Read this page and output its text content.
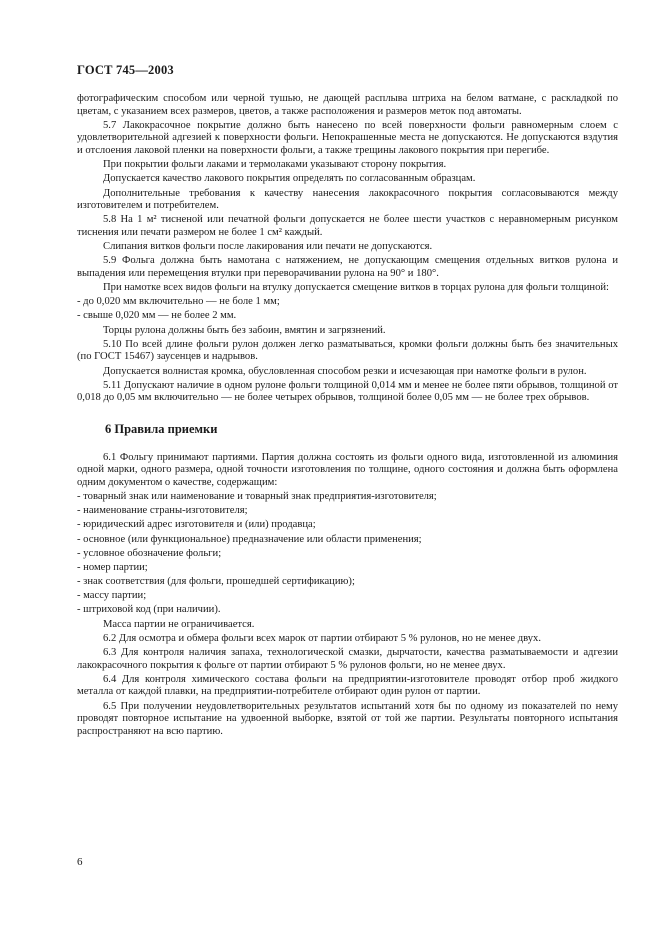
ГОСТ 745—2003

фотографическим способом или черной тушью, не дающей расплыва штриха на белом ватмане, с раскладкой по цветам, с указанием всех размеров, цветов, а также расположения и размеров меток под автоматы.

5.7 Лакокрасочное покрытие должно быть нанесено по всей поверхности фольги равномерным слоем с удовлетворительной адгезией к поверхности фольги. Непокрашенные места не допускаются. Не допускаются вздутия и отслоения лаковой пленки на поверхности фольги, а также трещины лакового покрытия при перегибе.

При покрытии фольги лаками и термолаками указывают сторону покрытия.

Допускается качество лакового покрытия определять по согласованным образцам.

Дополнительные требования к качеству нанесения лакокрасочного покрытия согласовываются между изготовителем и потребителем.

5.8 На 1 м² тисненой или печатной фольги допускается не более шести участков с неравномерным рисунком тиснения или печати размером не более 1 см² каждый.

Слипания витков фольги после лакирования или печати не допускаются.

5.9 Фольга должна быть намотана с натяжением, не допускающим смещения отдельных витков рулона и выпадения или перемещения втулки при переворачивании рулона на 90° и 180°.

При намотке всех видов фольги на втулку допускается смещение витков в торцах рулона для фольги толщиной:

- до 0,020 мм включительно — не боле 1 мм;

- свыше 0,020 мм — не более 2 мм.

Торцы рулона должны быть без забоин, вмятин и загрязнений.

5.10 По всей длине фольги рулон должен легко разматываться, кромки фольги должны быть без значительных (по ГОСТ 15467) заусенцев и надрывов.

Допускается волнистая кромка, обусловленная способом резки и исчезающая при намотке фольги в рулон.

5.11 Допускают наличие в одном рулоне фольги толщиной 0,014 мм и менее не более пяти обрывов, толщиной от 0,018 до 0,05 мм включительно — не более четырех обрывов, толщиной более 0,05 мм — не более трех обрывов.

6 Правила приемки

6.1 Фольгу принимают партиями. Партия должна состоять из фольги одного вида, изготовленной из алюминия одной марки, одного размера, одной точности изготовления по толщине, одного состояния и должна быть оформлена одним документом о качестве, содержащим:

- товарный знак или наименование и товарный знак предприятия-изготовителя;

- наименование страны-изготовителя;

- юридический адрес изготовителя и (или) продавца;

- основное (или функциональное) предназначение или области применения;

- условное обозначение фольги;

- номер партии;

- знак соответствия (для фольги, прошедшей сертификацию);

- массу партии;

- штриховой код (при наличии).

Масса партии не ограничивается.

6.2 Для осмотра и обмера фольги всех марок от партии отбирают 5 % рулонов, но не менее двух.

6.3 Для контроля наличия запаха, технологической смазки, дырчатости, качества разматываемости и адгезии лакокрасочного покрытия к фольге от партии отбирают 5 % рулонов фольги, но не менее двух.

6.4 Для контроля химического состава фольги на предприятии-изготовителе проводят отбор проб жидкого металла от каждой плавки, на предприятии-потребителе отбирают один рулон от партии.

6.5 При получении неудовлетворительных результатов испытаний хотя бы по одному из показателей по нему проводят повторное испытание на удвоенной выборке, взятой от той же партии. Результаты повторного испытания распространяют на всю партию.

6
